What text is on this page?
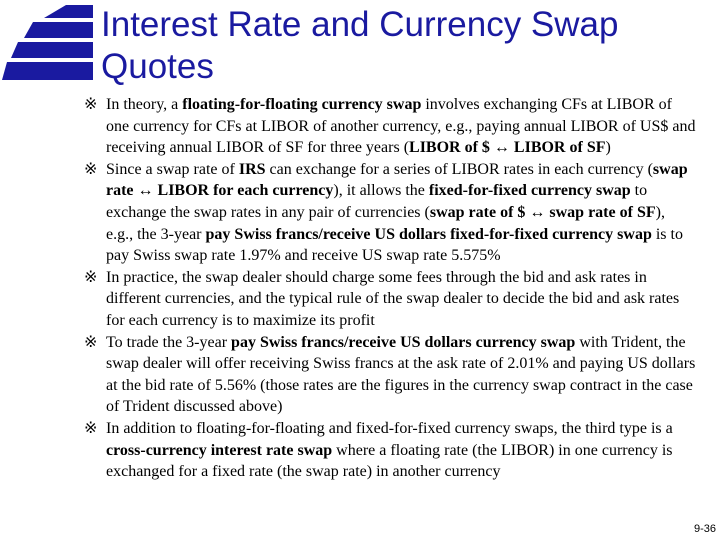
Interest Rate and Currency Swap Quotes

※ In theory, a floating-for-floating currency swap involves exchanging CFs at LIBOR of one currency for CFs at LIBOR of another currency, e.g., paying annual LIBOR of US$ and receiving annual LIBOR of SF for three years (LIBOR of $ ↔ LIBOR of SF)

※ Since a swap rate of IRS can exchange for a series of LIBOR rates in each currency (swap rate ↔ LIBOR for each currency), it allows the fixed-for-fixed currency swap to exchange the swap rates in any pair of currencies (swap rate of $ ↔ swap rate of SF), e.g., the 3-year pay Swiss francs/receive US dollars fixed-for-fixed currency swap is to pay Swiss swap rate 1.97% and receive US swap rate 5.575%

※ In practice, the swap dealer should charge some fees through the bid and ask rates in different currencies, and the typical rule of the swap dealer to decide the bid and ask rates for each currency is to maximize its profit

※ To trade the 3-year pay Swiss francs/receive US dollars currency swap with Trident, the swap dealer will offer receiving Swiss francs at the ask rate of 2.01% and paying US dollars at the bid rate of 5.56% (those rates are the figures in the currency swap contract in the case of Trident discussed above)

※ In addition to floating-for-floating and fixed-for-fixed currency swaps, the third type is a cross-currency interest rate swap where a floating rate (the LIBOR) in one currency is exchanged for a fixed rate (the swap rate) in another currency

9-36
